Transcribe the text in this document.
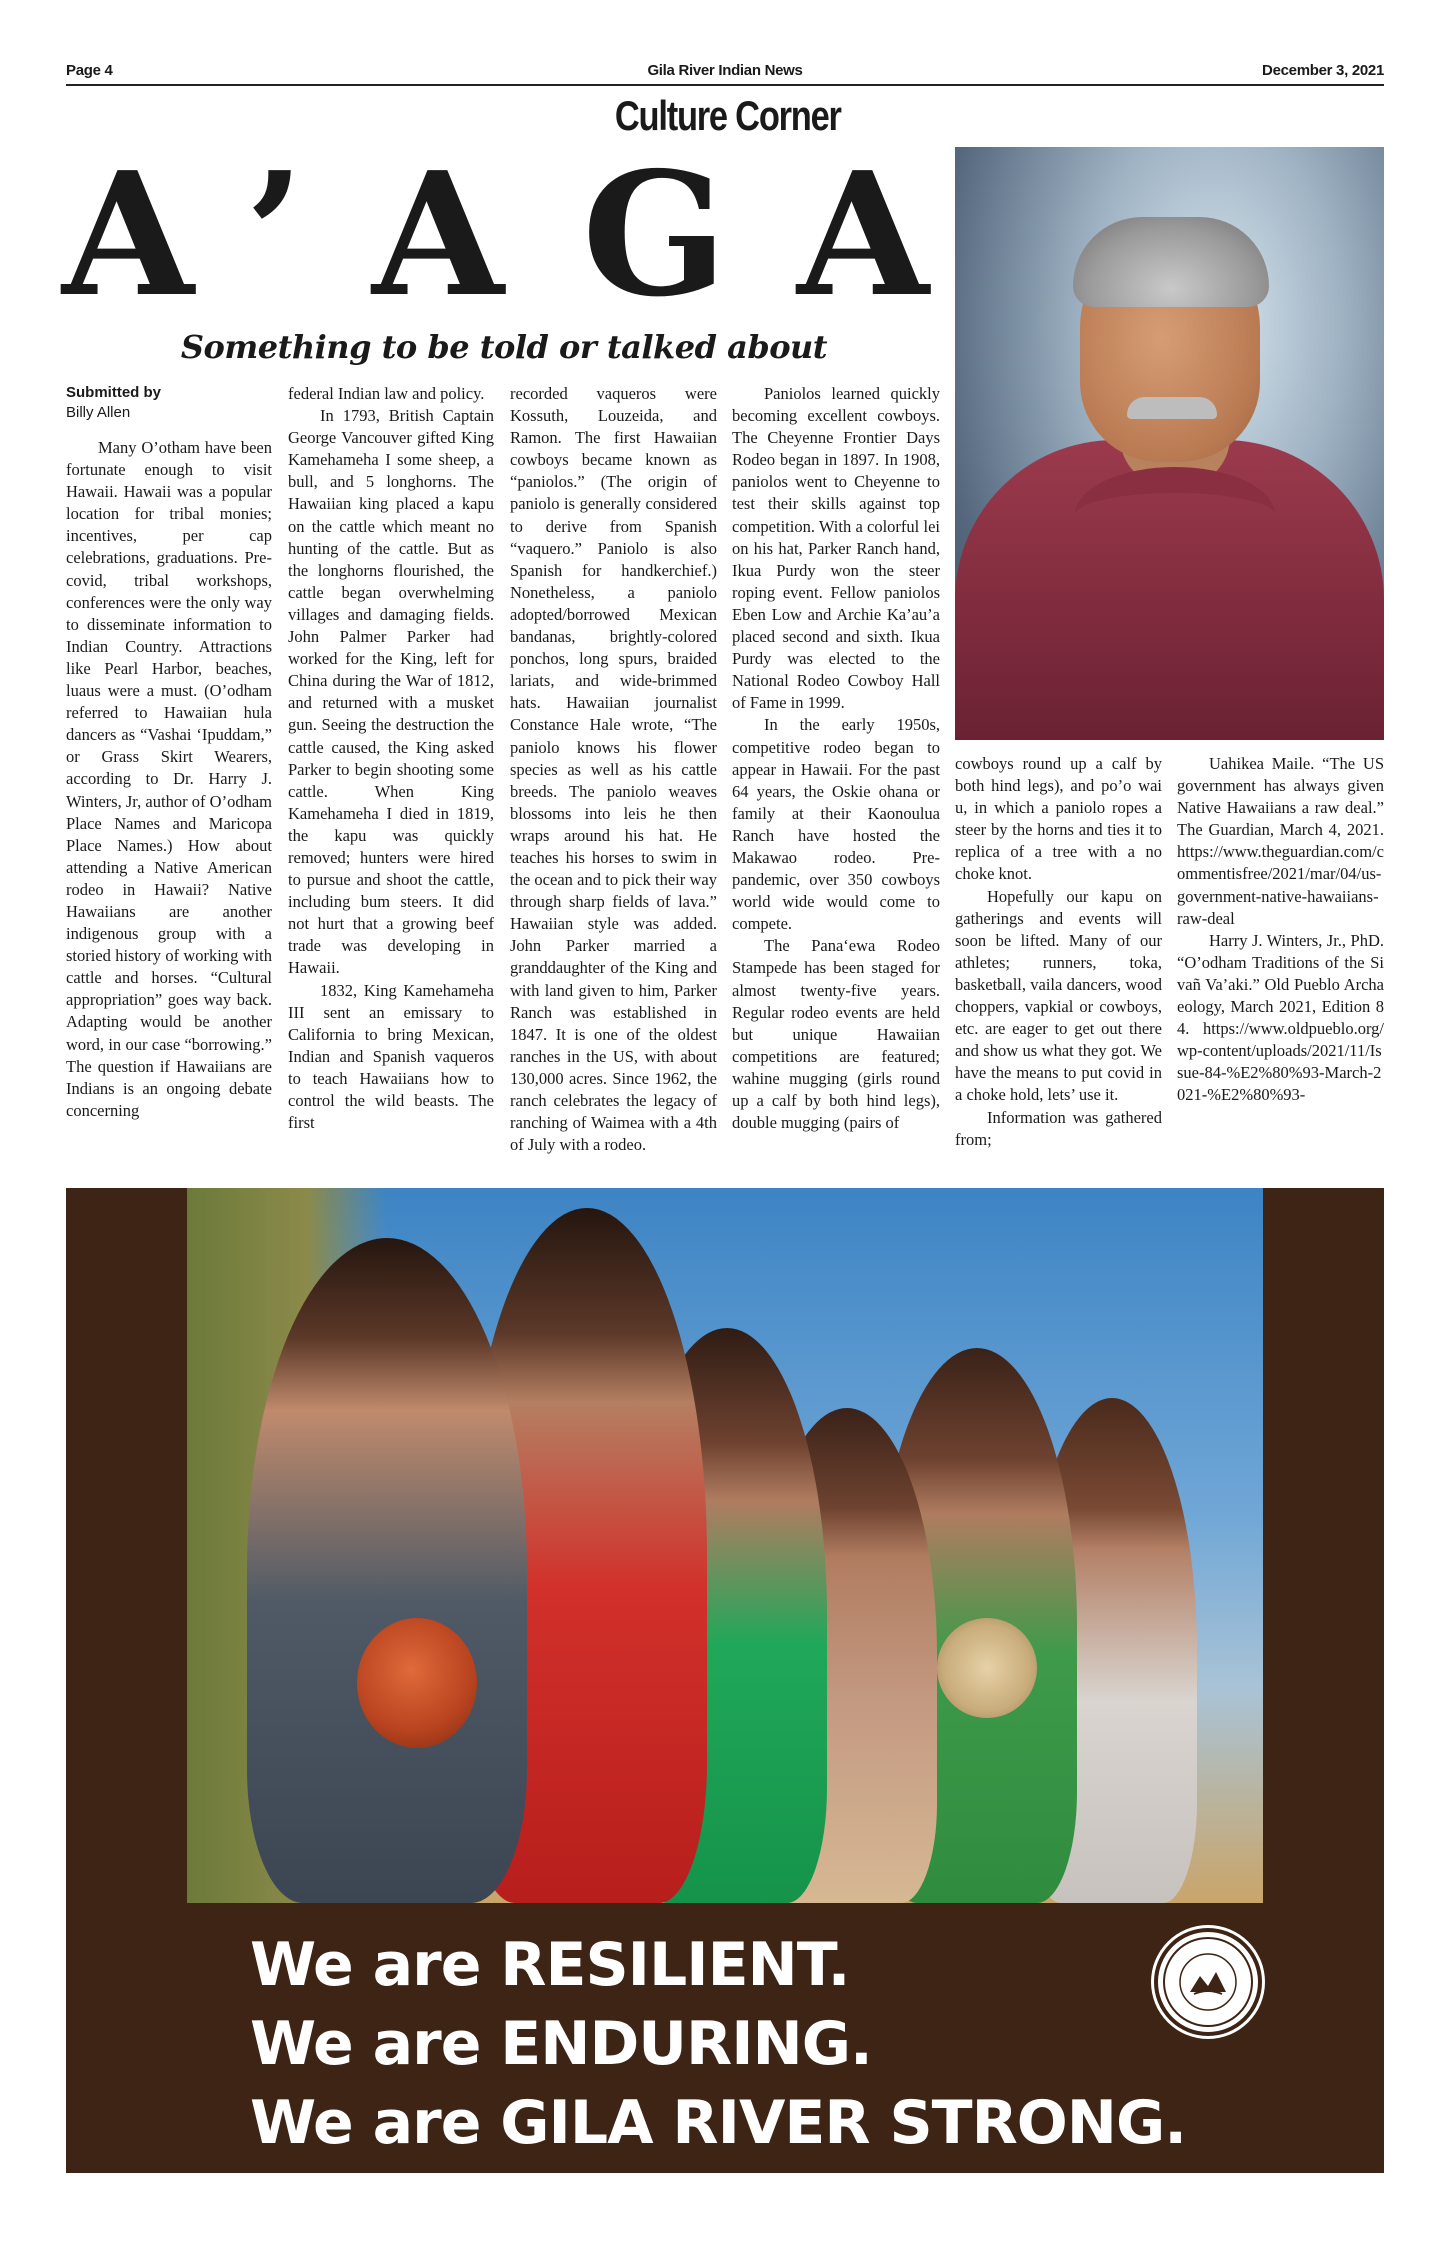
Page 4	Gila River Indian News	December 3, 2021
Culture Corner
A ’ A G A
Something to be told or talked about
Submitted by
Billy Allen

Many O’otham have been fortunate enough to visit Hawaii. Hawaii was a popular location for tribal monies; incentives, per cap celebrations, graduations. Pre-covid, tribal workshops, conferences were the only way to disseminate information to Indian Country. Attractions like Pearl Harbor, beaches, luaus were a must. (O’odham referred to Hawaiian hula dancers as “Vashai ‘Ipuddam,” or Grass Skirt Wearers, according to Dr. Harry J. Winters, Jr, author of O’odham Place Names and Maricopa Place Names.) How about attending a Native American rodeo in Hawaii? Native Hawaiians are another indigenous group with a storied history of working with cattle and horses. “Cultural appropriation” goes way back. Adapting would be another word, in our case “borrowing.” The question if Hawaiians are Indians is an ongoing debate concerning

federal Indian law and policy.

In 1793, British Captain George Vancouver gifted King Kamehameha I some sheep, a bull, and 5 longhorns. The Hawaiian king placed a kapu on the cattle which meant no hunting of the cattle. But as the longhorns flourished, the cattle began overwhelming villages and damaging fields. John Palmer Parker had worked for the King, left for China during the War of 1812, and returned with a musket gun. Seeing the destruction the cattle caused, the King asked Parker to begin shooting some cattle. When King Kamehameha I died in 1819, the kapu was quickly removed; hunters were hired to pursue and shoot the cattle, including bum steers. It did not hurt that a growing beef trade was developing in Hawaii.

1832, King Kamehameha III sent an emissary to California to bring Mexican, Indian and Spanish vaqueros to teach Hawaiians how to control the wild beasts. The first

recorded vaqueros were Kossuth, Louzeida, and Ramon. The first Hawaiian cowboys became known as “paniolos.” (The origin of paniolo is generally considered to derive from Spanish “vaquero.” Paniolo is also Spanish for handkerchief.) Nonetheless, a paniolo adopted/borrowed Mexican bandanas, brightly-colored ponchos, long spurs, braided lariats, and wide-brimmed hats. Hawaiian journalist Constance Hale wrote, “The paniolo knows his flower species as well as his cattle breeds. The paniolo weaves blossoms into leis he then wraps around his hat. He teaches his horses to swim in the ocean and to pick their way through sharp fields of lava.” Hawaiian style was added. John Parker married a granddaughter of the King and with land given to him, Parker Ranch was established in 1847. It is one of the oldest ranches in the US, with about 130,000 acres. Since 1962, the ranch celebrates the legacy of ranching of Waimea with a 4th of July with a rodeo.

Paniolos learned quickly becoming excellent cowboys. The Cheyenne Frontier Days Rodeo began in 1897. In 1908, paniolos went to Cheyenne to test their skills against top competition. With a colorful lei on his hat, Parker Ranch hand, Ikua Purdy won the steer roping event. Fellow paniolos Eben Low and Archie Ka’au’a placed second and sixth. Ikua Purdy was elected to the National Rodeo Cowboy Hall of Fame in 1999.

In the early 1950s, competitive rodeo began to appear in Hawaii. For the past 64 years, the Oskie ohana or family at their Kaonoulua Ranch have hosted the Makawao rodeo. Pre-pandemic, over 350 cowboys world wide would come to compete.

The Pana‘ewa Rodeo Stampede has been staged for almost twenty-five years. Regular rodeo events are held but unique Hawaiian competitions are featured; wahine mugging (girls round up a calf by both hind legs), double mugging (pairs of

cowboys round up a calf by both hind legs), and po’o wai u, in which a paniolo ropes a steer by the horns and ties it to replica of a tree with a no choke knot.

Hopefully our kapu on gatherings and events will soon be lifted. Many of our athletes; runners, toka, basketball, vaila dancers, wood choppers, vapkial or cowboys, etc. are eager to get out there and show us what they got. We have the means to put covid in a choke hold, lets’ use it.

Information was gathered from;

Uahikea Maile. “The US government has always given Native Hawaiians a raw deal.” The Guardian, March 4, 2021. https://www.theguardian.com/commentisfree/2021/mar/04/us-government-native-hawaiians-raw-deal

Harry J. Winters, Jr., PhD. “O’odham Traditions of the Sivañ Va’aki.” Old Pueblo Archaeology, March 2021, Edition 84. https://www.oldpueblo.org/wp-content/uploads/2021/11/Issue-84-%E2%80%93-March-2021-%E2%80%93-

We are RESILIENT.
We are ENDURING.
We are GILA RIVER STRONG.
